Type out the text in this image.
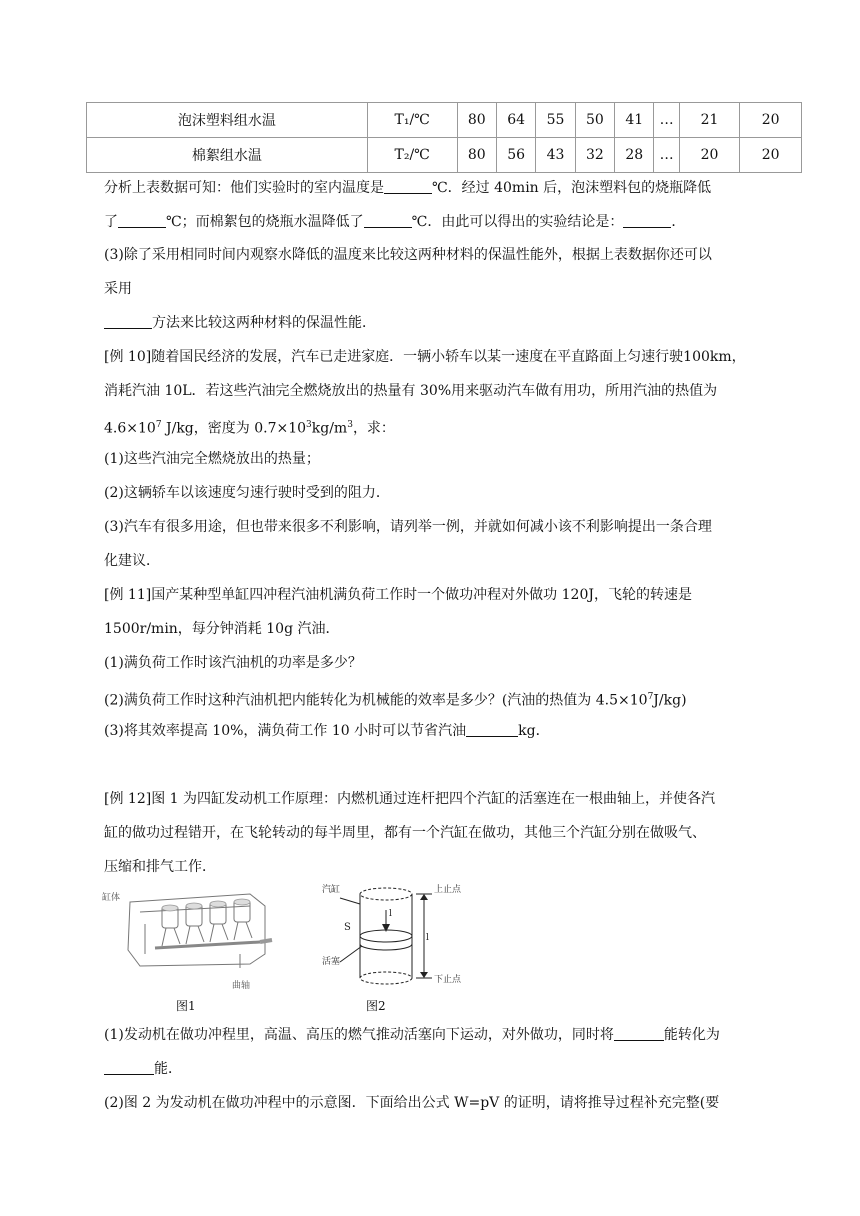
泡沫塑料组水温	T₁/℃	80	64	55	50	41	…	21	20
棉絮组水温	T₂/℃	80	56	43	32	28	…	20	20
分析上表数据可知：他们实验时的室内温度是	℃．经过 40min 后，泡沫塑料包的烧瓶降低
了	℃；而棉絮包的烧瓶水温降低了	℃．由此可以得出的实验结论是：	．
(3)除了采用相同时间内观察水降低的温度来比较这两种材料的保温性能外，根据上表数据你还可以
采用
方法来比较这两种材料的保温性能．
[例 10]随着国民经济的发展，汽车已走进家庭．一辆小轿车以某一速度在平直路面上匀速行驶100km，
消耗汽油 10L．若这些汽油完全燃烧放出的热量有 30%用来驱动汽车做有用功，所用汽油的热值为
$4.6\times 10^7$ J/kg，密度为 $0.7\times 10^3kg/m^3$，求：
(1)这些汽油完全燃烧放出的热量；
(2)这辆轿车以该速度匀速行驶时受到的阻力．
(3)汽车有很多用途，但也带来很多不利影响，请列举一例，并就如何减小该不利影响提出一条合理
化建议．
[例 11]国产某种型单缸四冲程汽油机满负荷工作时一个做功冲程对外做功 120J，飞轮的转速是
1500r/min，每分钟消耗 10g 汽油．
(1)满负荷工作时该汽油机的功率是多少？
(2)满负荷工作时这种汽油机把内能转化为机械能的效率是多少？(汽油的热值为 $4.5\times 10^7J/kg$)
(3)将其效率提高 10%，满负荷工作 10 小时可以节省汽油	kg．
[例 12]图 1 为四缸发动机工作原理：内燃机通过连杆把四个汽缸的活塞连在一根曲轴上，并使各汽
缸的做功过程错开，在飞轮转动的每半周里，都有一个汽缸在做功，其他三个汽缸分别在做吸气、
压缩和排气工作．
缸体
曲轴
图1
l
S
l
汽缸
活塞
上止点
下止点
图2
(1)发动机在做功冲程里，高温、高压的燃气推动活塞向下运动，对外做功，同时将	能转化为
能．
(2)图 2 为发动机在做功冲程中的示意图．下面给出公式 W=pV 的证明，请将推导过程补充完整(要
